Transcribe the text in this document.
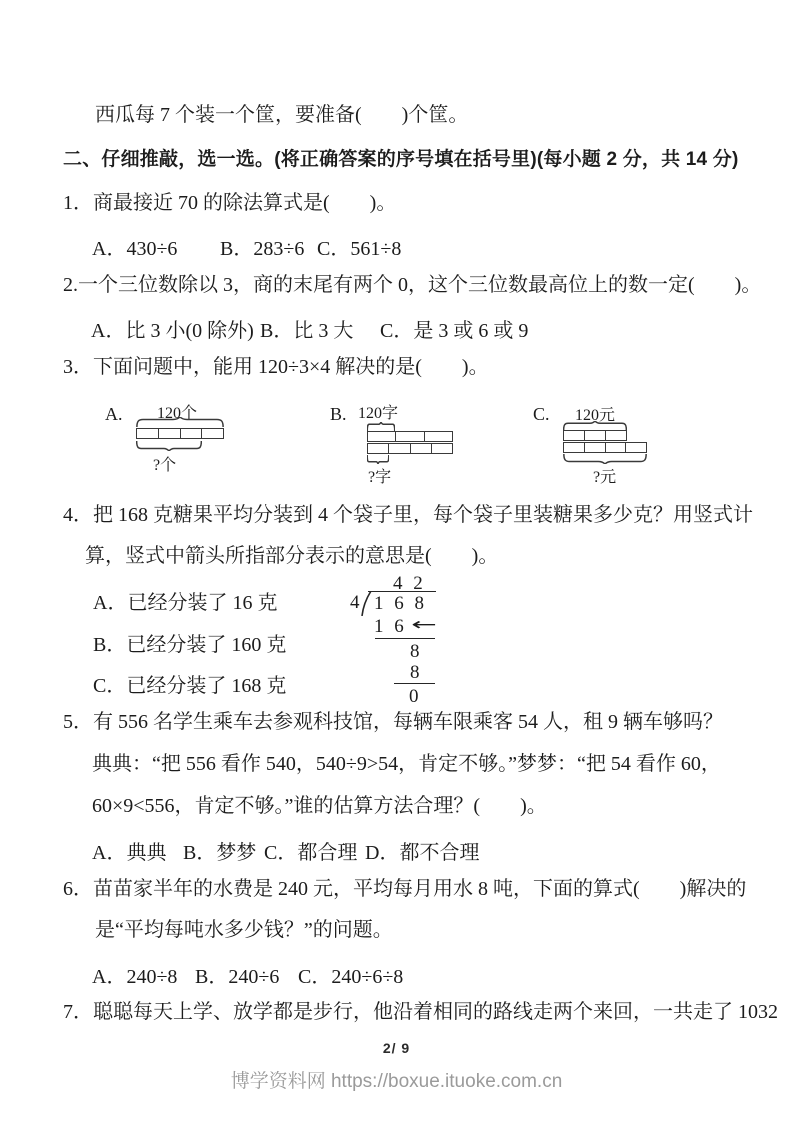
西瓜每 7 个装一个筐，要准备(　　)个筐。
二、仔细推敲，选一选。(将正确答案的序号填在括号里)(每小题 2 分，共 14 分)
1．商最接近 70 的除法算式是(　　)。
A．430÷6 B．283÷6 C．561÷8
2.一个三位数除以 3，商的末尾有两个 0，这个三位数最高位上的数一定(　　)。
A．比 3 小(0 除外) B．比 3 大 C．是 3 或 6 或 9
3．下面问题中，能用 120÷3×4 解决的是(　　)。
A. 120个
?个
B. 120字
?字
C. 120元
?元
4．把 168 克糖果平均分装到 4 个袋子里，每个袋子里装糖果多少克？用竖式计
算，竖式中箭头所指部分表示的意思是(　　)。
A．已经分装了 16 克
B．已经分装了 160 克
C．已经分装了 168 克
4 2
4 1 6 8
1 6 ←
8
8
0
5．有 556 名学生乘车去参观科技馆，每辆车限乘客 54 人，租 9 辆车够吗？
典典：“把 556 看作 540，540÷9>54，肯定不够。”梦梦：“把 54 看作 60，
60×9<556，肯定不够。”谁的估算方法合理？(　　)。
A．典典 B．梦梦 C．都合理 D．都不合理
6．苗苗家半年的水费是 240 元，平均每月用水 8 吨，下面的算式(　　)解决的
是“平均每吨水多少钱？”的问题。
A．240÷8 B．240÷6 C．240÷6÷8
7．聪聪每天上学、放学都是步行，他沿着相同的路线走两个来回，一共走了 1032
2/ 9
博学资料网 https://boxue.ituoke.com.cn
